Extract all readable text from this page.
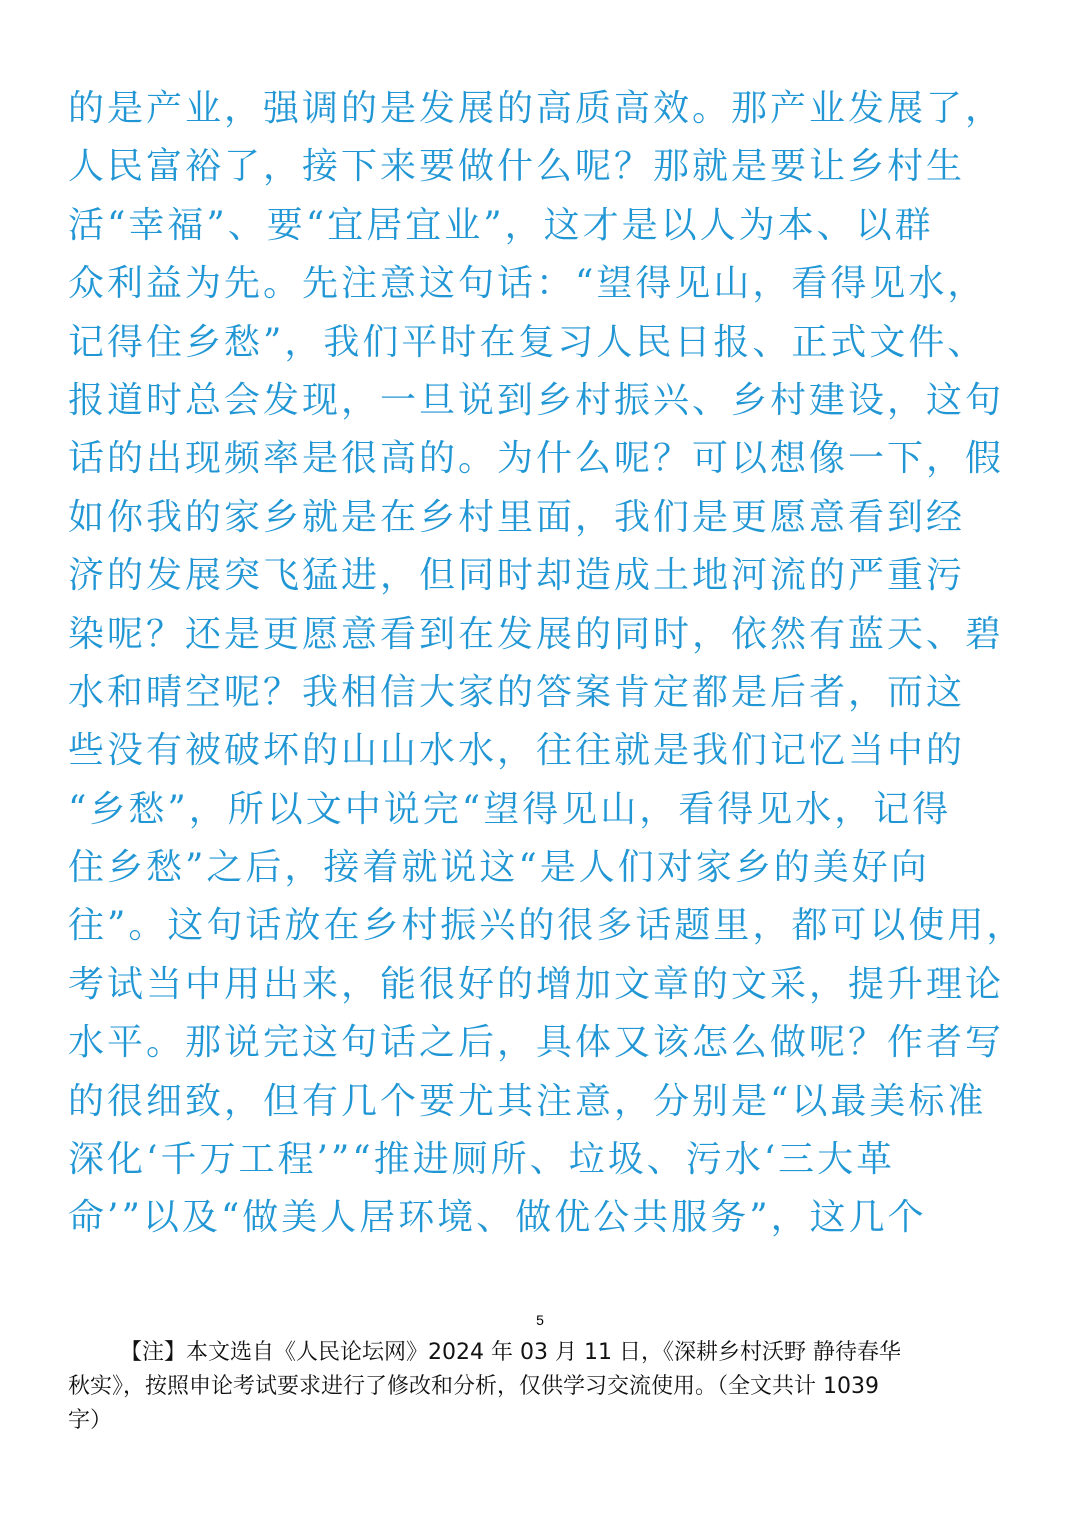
的是产业，强调的是发展的高质高效。那产业发展了，
人民富裕了，接下来要做什么呢？那就是要让乡村生
活“幸福”、要“宜居宜业”，这才是以人为本、以群
众利益为先。先注意这句话：“望得见山，看得见水，
记得住乡愁”，我们平时在复习人民日报、正式文件、
报道时总会发现，一旦说到乡村振兴、乡村建设，这句
话的出现频率是很高的。为什么呢？可以想像一下，假
如你我的家乡就是在乡村里面，我们是更愿意看到经
济的发展突飞猛进，但同时却造成土地河流的严重污
染呢？还是更愿意看到在发展的同时，依然有蓝天、碧
水和晴空呢？我相信大家的答案肯定都是后者，而这
些没有被破坏的山山水水，往往就是我们记忆当中的
“乡愁”，所以文中说完“望得见山，看得见水，记得
住乡愁”之后，接着就说这“是人们对家乡的美好向
往”。这句话放在乡村振兴的很多话题里，都可以使用，
考试当中用出来，能很好的增加文章的文采，提升理论
水平。那说完这句话之后，具体又该怎么做呢？作者写
的很细致，但有几个要尤其注意，分别是“以最美标准
深化‘千万工程’”“推进厕所、垃圾、污水‘三大革
命’”以及“做美人居环境、做优公共服务”，这几个
5
【注】本文选自《人民论坛网》2024 年 03 月 11 日，《深耕乡村沃野 静待春华
秋实》，按照申论考试要求进行了修改和分析，仅供学习交流使用。（全文共计 1039
字）
